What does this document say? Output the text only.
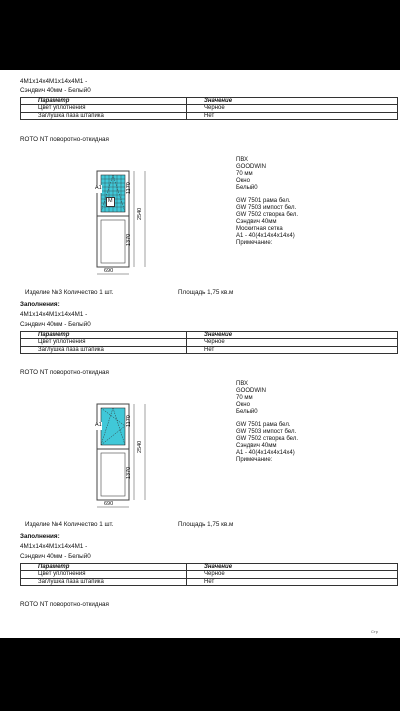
4М1х14х4М1х14х4М1 -
Сэндвич 40мм - Белый0
Параметр	Значение
Цвет уплотнения	Черное
Заглушка паза штапика	Нет
ROTO NT поворотно-откидная
A1
M
1170
1370
2540
690
ПВХ
GOODWIN
70 мм
Окно
Белый0

GW 7501 рама бел.
GW 7503 импост бел.
GW 7502 створка бел.
Сэндвич 40мм
Москитная сетка
A1 - 40(4x14x4x14x4)
Примечание:
Изделие №3 Количество 1 шт.	Площадь 1,75 кв.м
Заполнения:
4М1х14х4М1х14х4М1 -
Сэндвич 40мм - Белый0
Параметр	Значение
Цвет уплотнения	Черное
Заглушка паза штапика	Нет
ROTO NT поворотно-откидная
A1	1170
1370
2540
690
ПВХ
GOODWIN
70 мм
Окно
Белый0

GW 7501 рама бел.
GW 7503 импост бел.
GW 7502 створка бел.
Сэндвич 40мм
A1 - 40(4x14x4x14x4)
Примечание:
Изделие №4 Количество 1 шт.	Площадь 1,75 кв.м
Заполнения:
4М1х14х4М1х14х4М1 -
Сэндвич 40мм - Белый0
Параметр	Значение
Цвет уплотнения	Черное
Заглушка паза штапика	Нет
ROTO NT поворотно-откидная
Стр
